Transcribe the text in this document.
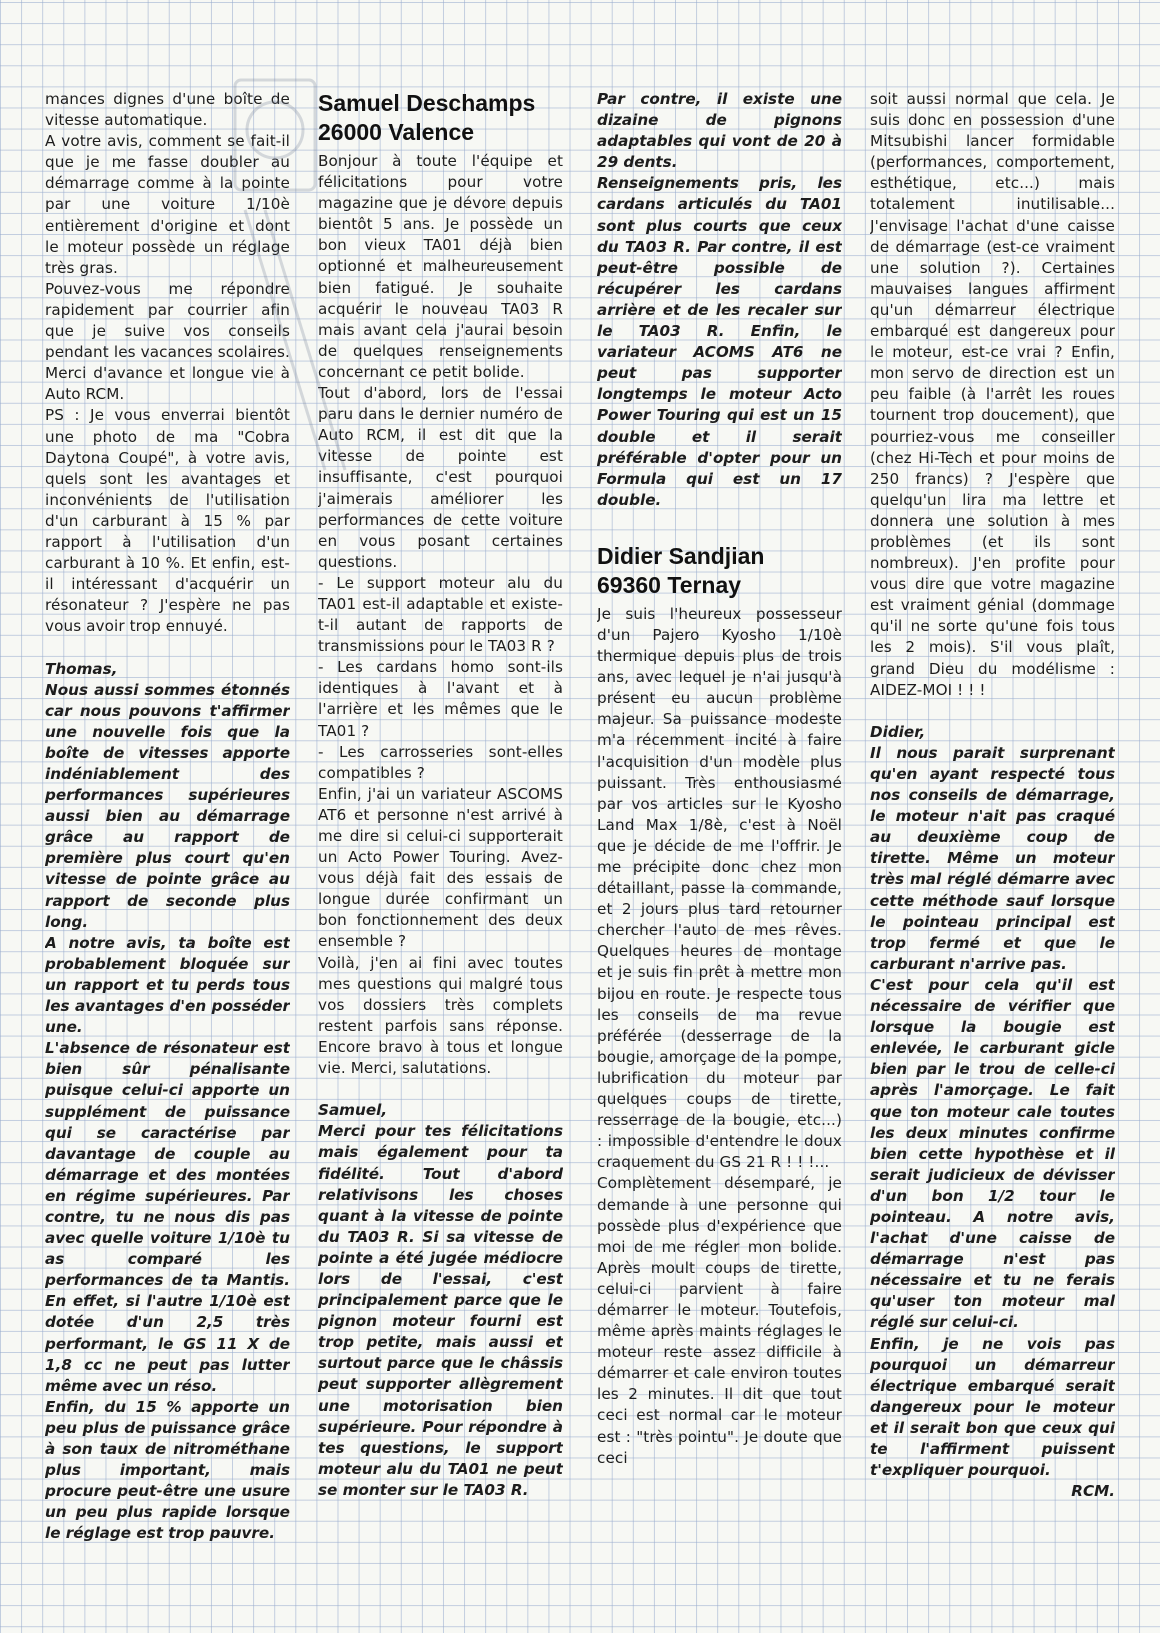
mances dignes d'une boîte de vitesse automatique.

A votre avis, comment se fait-il que je me fasse doubler au démarrage comme à la pointe par une voiture 1/10è entièrement d'origine et dont le moteur possède un réglage très gras.

Pouvez-vous me répondre rapidement par courrier afin que je suive vos conseils pendant les vacances scolaires. Merci d'avance et longue vie à Auto RCM.

PS : Je vous enverrai bientôt une photo de ma "Cobra Daytona Coupé", à votre avis, quels sont les avantages et inconvénients de l'utilisation d'un carburant à 15 % par rapport à l'utilisation d'un carburant à 10 %. Et enfin, est-il intéressant d'acquérir un résonateur ? J'espère ne pas vous avoir trop ennuyé.

Thomas,

Nous aussi sommes étonnés car nous pouvons t'affirmer une nouvelle fois que la boîte de vitesses apporte indéniablement des performances supérieures aussi bien au démarrage grâce au rapport de première plus court qu'en vitesse de pointe grâce au rapport de seconde plus long.

A notre avis, ta boîte est probablement bloquée sur un rapport et tu perds tous les avantages d'en posséder une.

L'absence de résonateur est bien sûr pénalisante puisque celui-ci apporte un supplément de puissance qui se caractérise par davantage de couple au démarrage et des montées en régime supérieures. Par contre, tu ne nous dis pas avec quelle voiture 1/10è tu as comparé les performances de ta Mantis. En effet, si l'autre 1/10è est dotée d'un 2,5 très performant, le GS 11 X de 1,8 cc ne peut pas lutter même avec un réso.

Enfin, du 15 % apporte un peu plus de puissance grâce à son taux de nitrométhane plus important, mais procure peut-être une usure un peu plus rapide lorsque le réglage est trop pauvre.

Samuel Deschamps
26000 Valence

Bonjour à toute l'équipe et félicitations pour votre magazine que je dévore depuis bientôt 5 ans. Je possède un bon vieux TA01 déjà bien optionné et malheureusement bien fatigué. Je souhaite acquérir le nouveau TA03 R mais avant cela j'aurai besoin de quelques renseignements concernant ce petit bolide.

Tout d'abord, lors de l'essai paru dans le dernier numéro de Auto RCM, il est dit que la vitesse de pointe est insuffisante, c'est pourquoi j'aimerais améliorer les performances de cette voiture en vous posant certaines questions.

- Le support moteur alu du TA01 est-il adaptable et existe-t-il autant de rapports de transmissions pour le TA03 R ?

- Les cardans homo sont-ils identiques à l'avant et à l'arrière et les mêmes que le TA01 ?

- Les carrosseries sont-elles compatibles ?

Enfin, j'ai un variateur ASCOMS AT6 et personne n'est arrivé à me dire si celui-ci supporterait un Acto Power Touring. Avez-vous déjà fait des essais de longue durée confirmant un bon fonctionnement des deux ensemble ?

Voilà, j'en ai fini avec toutes mes questions qui malgré tous vos dossiers très complets restent parfois sans réponse. Encore bravo à tous et longue vie. Merci, salutations.

Samuel,

Merci pour tes félicitations mais également pour ta fidélité. Tout d'abord relativisons les choses quant à la vitesse de pointe du TA03 R. Si sa vitesse de pointe a été jugée médiocre lors de l'essai, c'est principalement parce que le pignon moteur fourni est trop petite, mais aussi et surtout parce que le châssis peut supporter allègrement une motorisation bien supérieure. Pour répondre à tes questions, le support moteur alu du TA01 ne peut se monter sur le TA03 R.

Par contre, il existe une dizaine de pignons adaptables qui vont de 20 à 29 dents.

Renseignements pris, les cardans articulés du TA01 sont plus courts que ceux du TA03 R. Par contre, il est peut-être possible de récupérer les cardans arrière et de les recaler sur le TA03 R. Enfin, le variateur ACOMS AT6 ne peut pas supporter longtemps le moteur Acto Power Touring qui est un 15 double et il serait préférable d'opter pour un Formula qui est un 17 double.

Didier Sandjian
69360 Ternay

Je suis l'heureux possesseur d'un Pajero Kyosho 1/10è thermique depuis plus de trois ans, avec lequel je n'ai jusqu'à présent eu aucun problème majeur. Sa puissance modeste m'a récemment incité à faire l'acquisition d'un modèle plus puissant. Très enthousiasmé par vos articles sur le Kyosho Land Max 1/8è, c'est à Noël que je décide de me l'offrir. Je me précipite donc chez mon détaillant, passe la commande, et 2 jours plus tard retourner chercher l'auto de mes rêves. Quelques heures de montage et je suis fin prêt à mettre mon bijou en route. Je respecte tous les conseils de ma revue préférée (desserrage de la bougie, amorçage de la pompe, lubrification du moteur par quelques coups de tirette, resserrage de la bougie, etc...) : impossible d'entendre le doux craquement du GS 21 R ! ! !...

Complètement désemparé, je demande à une personne qui possède plus d'expérience que moi de me régler mon bolide. Après moult coups de tirette, celui-ci parvient à faire démarrer le moteur. Toutefois, même après maints réglages le moteur reste assez difficile à démarrer et cale environ toutes les 2 minutes. Il dit que tout ceci est normal car le moteur est : "très pointu". Je doute que ceci

soit aussi normal que cela. Je suis donc en possession d'une Mitsubishi lancer formidable (performances, comportement, esthétique, etc...) mais totalement inutilisable... J'envisage l'achat d'une caisse de démarrage (est-ce vraiment une solution ?). Certaines mauvaises langues affirment qu'un démarreur électrique embarqué est dangereux pour le moteur, est-ce vrai ? Enfin, mon servo de direction est un peu faible (à l'arrêt les roues tournent trop doucement), que pourriez-vous me conseiller (chez Hi-Tech et pour moins de 250 francs) ? J'espère que quelqu'un lira ma lettre et donnera une solution à mes problèmes (et ils sont nombreux). J'en profite pour vous dire que votre magazine est vraiment génial (dommage qu'il ne sorte qu'une fois tous les 2 mois). S'il vous plaît, grand Dieu du modélisme : AIDEZ-MOI ! ! !

Didier,

Il nous parait surprenant qu'en ayant respecté tous nos conseils de démarrage, le moteur n'ait pas craqué au deuxième coup de tirette. Même un moteur très mal réglé démarre avec cette méthode sauf lorsque le pointeau principal est trop fermé et que le carburant n'arrive pas.

C'est pour cela qu'il est nécessaire de vérifier que lorsque la bougie est enlevée, le carburant gicle bien par le trou de celle-ci après l'amorçage. Le fait que ton moteur cale toutes les deux minutes confirme bien cette hypothèse et il serait judicieux de dévisser d'un bon 1/2 tour le pointeau. A notre avis, l'achat d'une caisse de démarrage n'est pas nécessaire et tu ne ferais qu'user ton moteur mal réglé sur celui-ci.

Enfin, je ne vois pas pourquoi un démarreur électrique embarqué serait dangereux pour le moteur et il serait bon que ceux qui te l'affirment puissent t'expliquer pourquoi.

RCM.
